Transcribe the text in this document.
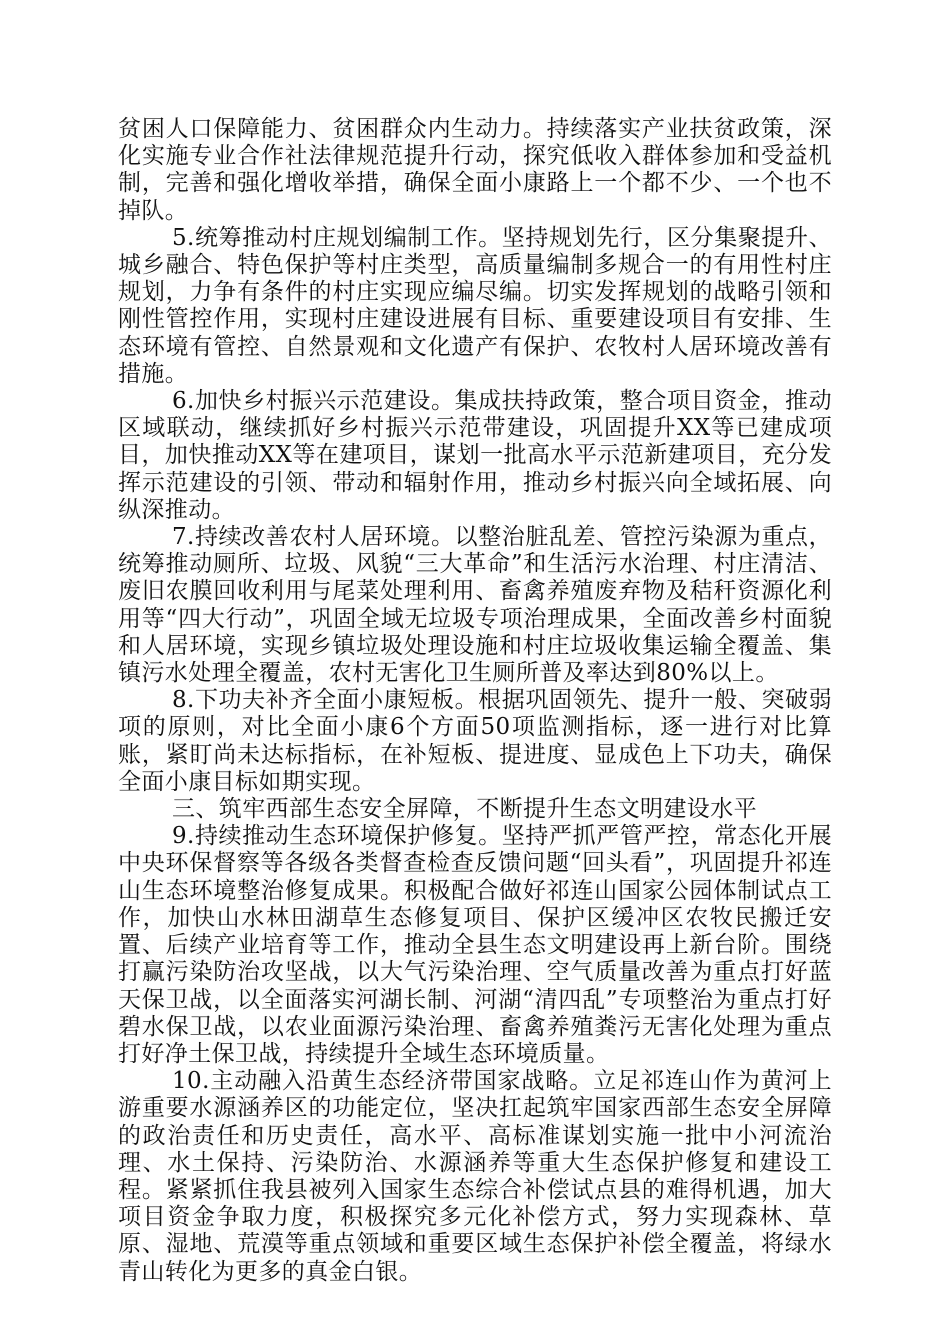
贫困人口保障能力、贫困群众内生动力。持续落实产业扶贫政策，深化实施专业合作社法律规范提升行动，探究低收入群体参加和受益机制，完善和强化增收举措，确保全面小康路上一个都不少、一个也不掉队。

5.统筹推动村庄规划编制工作。坚持规划先行，区分集聚提升、城乡融合、特色保护等村庄类型，高质量编制多规合一的有用性村庄规划，力争有条件的村庄实现应编尽编。切实发挥规划的战略引领和刚性管控作用，实现村庄建设进展有目标、重要建设项目有安排、生态环境有管控、自然景观和文化遗产有保护、农牧村人居环境改善有措施。

6.加快乡村振兴示范建设。集成扶持政策，整合项目资金，推动区域联动，继续抓好乡村振兴示范带建设，巩固提升XX等已建成项目，加快推动XX等在建项目，谋划一批高水平示范新建项目，充分发挥示范建设的引领、带动和辐射作用，推动乡村振兴向全域拓展、向纵深推动。

7.持续改善农村人居环境。以整治脏乱差、管控污染源为重点，统筹推动厕所、垃圾、风貌“三大革命”和生活污水治理、村庄清洁、废旧农膜回收利用与尾菜处理利用、畜禽养殖废弃物及秸秆资源化利用等“四大行动”，巩固全域无垃圾专项治理成果，全面改善乡村面貌和人居环境，实现乡镇垃圾处理设施和村庄垃圾收集运输全覆盖、集镇污水处理全覆盖，农村无害化卫生厕所普及率达到80%以上。

8.下功夫补齐全面小康短板。根据巩固领先、提升一般、突破弱项的原则，对比全面小康6个方面50项监测指标，逐一进行对比算账，紧盯尚未达标指标，在补短板、提进度、显成色上下功夫，确保全面小康目标如期实现。

三、筑牢西部生态安全屏障，不断提升生态文明建设水平

9.持续推动生态环境保护修复。坚持严抓严管严控，常态化开展中央环保督察等各级各类督查检查反馈问题“回头看”，巩固提升祁连山生态环境整治修复成果。积极配合做好祁连山国家公园体制试点工作，加快山水林田湖草生态修复项目、保护区缓冲区农牧民搬迁安置、后续产业培育等工作，推动全县生态文明建设再上新台阶。围绕打赢污染防治攻坚战，以大气污染治理、空气质量改善为重点打好蓝天保卫战，以全面落实河湖长制、河湖“清四乱”专项整治为重点打好碧水保卫战，以农业面源污染治理、畜禽养殖粪污无害化处理为重点打好净土保卫战，持续提升全域生态环境质量。

10.主动融入沿黄生态经济带国家战略。立足祁连山作为黄河上游重要水源涵养区的功能定位，坚决扛起筑牢国家西部生态安全屏障的政治责任和历史责任，高水平、高标准谋划实施一批中小河流治理、水土保持、污染防治、水源涵养等重大生态保护修复和建设工程。紧紧抓住我县被列入国家生态综合补偿试点县的难得机遇，加大项目资金争取力度，积极探究多元化补偿方式，努力实现森林、草原、湿地、荒漠等重点领域和重要区域生态保护补偿全覆盖，将绿水青山转化为更多的真金白银。
